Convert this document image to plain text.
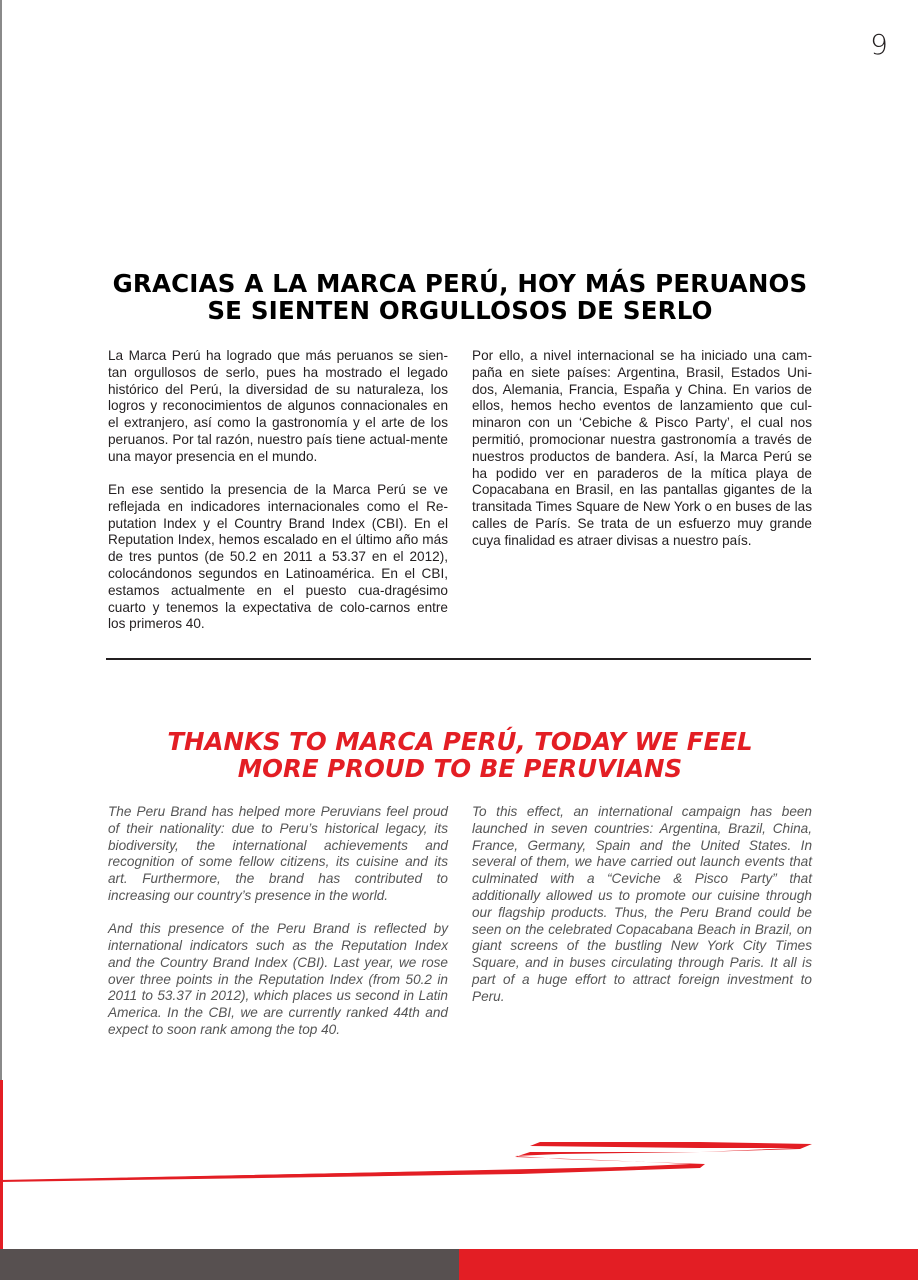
9
GRACIAS A LA MARCA PERÚ, HOY MÁS PERUANOS
SE SIENTEN ORGULLOSOS DE SERLO

La Marca Perú ha logrado que más peruanos se sien-tan orgullosos de serlo, pues ha mostrado el legado histórico del Perú, la diversidad de su naturaleza, los logros y reconocimientos de algunos connacionales en el extranjero, así como la gastronomía y el arte de los peruanos. Por tal razón, nuestro país tiene actual-mente una mayor presencia en el mundo.

En ese sentido la presencia de la Marca Perú se ve reflejada en indicadores internacionales como el Re-putation Index y el Country Brand Index (CBI). En el Reputation Index, hemos escalado en el último año más de tres puntos (de 50.2 en 2011 a 53.37 en el 2012), colocándonos segundos en Latinoamérica. En el CBI, estamos actualmente en el puesto cua-dragésimo cuarto y tenemos la expectativa de colo-carnos entre los primeros 40.

Por ello, a nivel internacional se ha iniciado una cam-paña en siete países: Argentina, Brasil, Estados Uni-dos, Alemania, Francia, España y China. En varios de ellos, hemos hecho eventos de lanzamiento que cul-minaron con un ‘Cebiche & Pisco Party’, el cual nos permitió, promocionar nuestra gastronomía a través de nuestros productos de bandera. Así, la Marca Perú se ha podido ver en paraderos de la mítica playa de Copacabana en Brasil, en las pantallas gigantes de la transitada Times Square de New York o en buses de las calles de París. Se trata de un esfuerzo muy grande cuya finalidad es atraer divisas a nuestro país.

THANKS TO MARCA PERÚ, TODAY WE FEEL
MORE PROUD TO BE PERUVIANS

The Peru Brand has helped more Peruvians feel proud of their nationality: due to Peru’s historical legacy, its biodiversity, the international achievements and recognition of some fellow citizens, its cuisine and its art. Furthermore, the brand has contributed to increasing our country’s presence in the world.

And this presence of the Peru Brand is reflected by international indicators such as the Reputation Index and the Country Brand Index (CBI). Last year, we rose over three points in the Reputation Index (from 50.2 in 2011 to 53.37 in 2012), which places us second in Latin America. In the CBI, we are currently ranked 44th and expect to soon rank among the top 40.

To this effect, an international campaign has been launched in seven countries: Argentina, Brazil, China, France, Germany, Spain and the United States. In several of them, we have carried out launch events that culminated with a “Ceviche & Pisco Party” that additionally allowed us to promote our cuisine through our flagship products. Thus, the Peru Brand could be seen on the celebrated Copacabana Beach in Brazil, on giant screens of the bustling New York City Times Square, and in buses circulating through Paris. It all is part of a huge effort to attract foreign investment to Peru.
